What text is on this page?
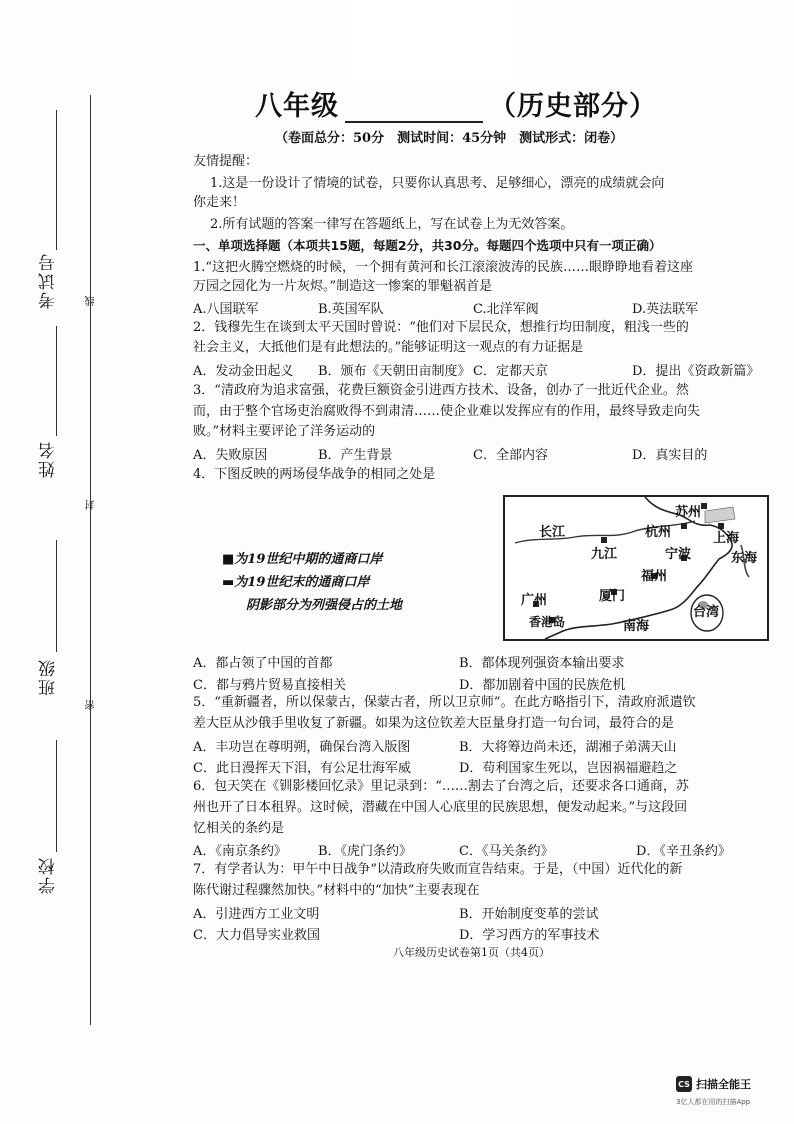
考试号	线
姓名
封
班级
密
学校
八年级	（历史部分）
（卷面总分：50分　测试时间：45分钟　测试形式：闭卷）
友情提醒：
1.这是一份设计了情境的试卷，只要你认真思考、足够细心，漂亮的成绩就会向
你走来！
2.所有试题的答案一律写在答题纸上，写在试卷上为无效答案。
一、单项选择题（本项共15题，每题2分，共30分。每题四个选项中只有一项正确）
1.“这把火腾空燃烧的时候，一个拥有黄河和长江滚滚波涛的民族……眼睁睁地看着这座
万园之园化为一片灰烬。”制造这一惨案的罪魁祸首是
A.八国联军	B.英国军队	C.北洋军阀	D.英法联军
2．钱穆先生在谈到太平天国时曾说：“他们对下层民众，想推行均田制度，粗浅一些的
社会主义，大抵他们是有此想法的。”能够证明这一观点的有力证据是
A．发动金田起义 B．颁布《天朝田亩制度》 C．定都天京	D．提出《资政新篇》
3．“清政府为追求富强，花费巨额资金引进西方技术、设备，创办了一批近代企业。然
而，由于整个官场吏治腐败得不到肃清……使企业难以发挥应有的作用，最终导致走向失
败。”材料主要评论了洋务运动的
A．失败原因	B．产生背景	C．全部内容	D．真实目的
4．下图反映的两场侵华战争的相同之处是
■为19世纪中期的通商口岸
▬为19世纪末的通商口岸
阴影部分为列强侵占的土地
长江
苏州
杭州	上海
九江	宁波	东海
福州
广州	厦门
台湾
香港岛	南海
A．都占领了中国的首都	B．都体现列强资本输出要求
C．都与鸦片贸易直接相关	D．都加剧着中国的民族危机
5．“重新疆者，所以保蒙古，保蒙古者，所以卫京师”。在此方略指引下，清政府派遣钦
差大臣从沙俄手里收复了新疆。如果为这位钦差大臣量身打造一句台词，最符合的是
A．丰功岂在尊明朔，确保台湾入版图	B．大将筹边尚未还，湖湘子弟满天山
C．此日漫挥天下泪，有公足壮海军威	D．苟利国家生死以，岂因祸福避趋之
6．包天笑在《钏影楼回忆录》里记录到：“……割去了台湾之后，还要求各口通商，苏
州也开了日本租界。这时候，潜藏在中国人心底里的民族思想，便发动起来。”与这段回
忆相关的条约是
A．《南京条约》 B．《虎门条约》	C．《马关条约》	D．《辛丑条约》
7．有学者认为：甲午中日战争“以清政府失败而宣告结束。于是，（中国）近代化的新
陈代谢过程骤然加快。”材料中的“加快”主要表现在
A．引进西方工业文明	B．开始制度变革的尝试
C．大力倡导实业救国	D．学习西方的军事技术
八年级历史试卷第1页（共4页）
CS 扫描全能王
3亿人都在用的扫描App
